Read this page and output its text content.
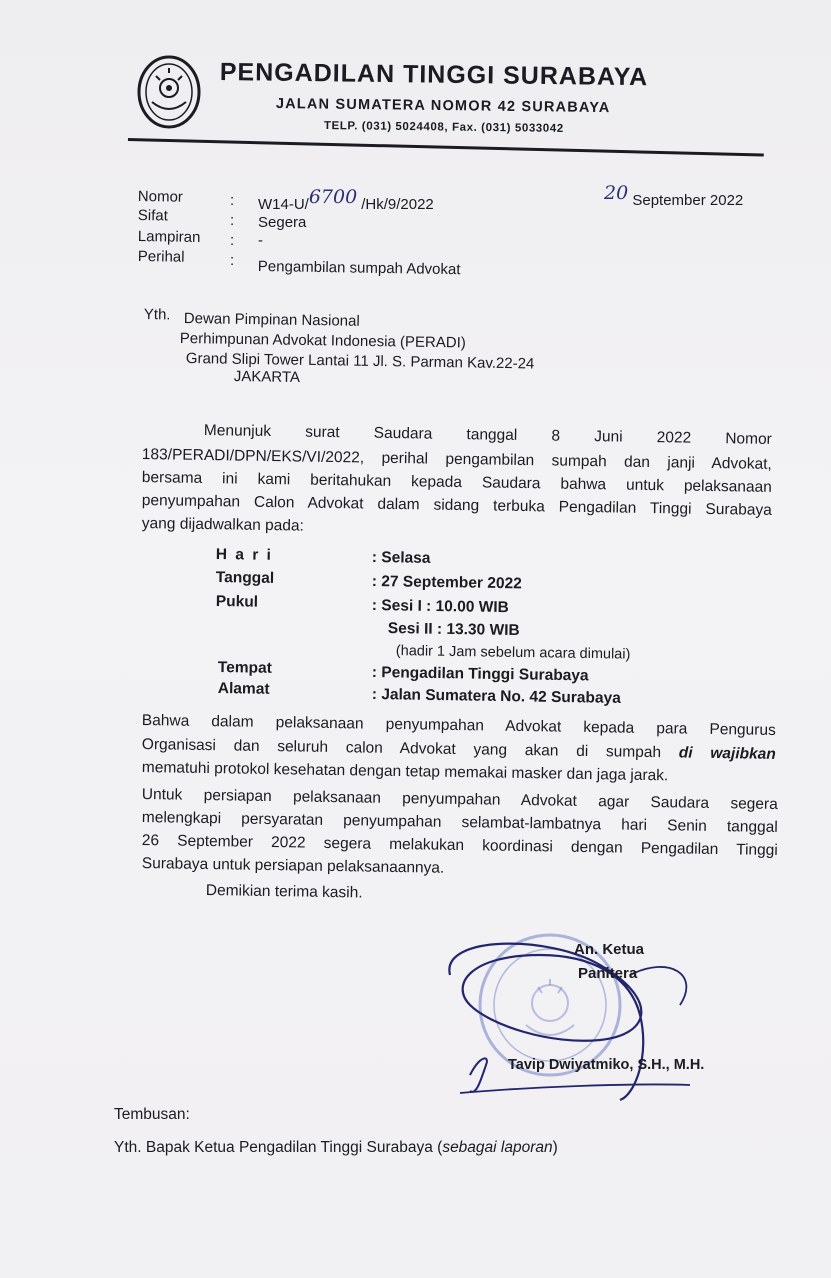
PENGADILAN TINGGI SURABAYA
JALAN SUMATERA NOMOR 42 SURABAYA
TELP. (031) 5024408, Fax. (031) 5033042
Nomor	: W14-U/6700 /Hk/9/2022
Sifat	: Segera
Lampiran : -
Perihal	: Pengambilan sumpah Advokat
20 September 2022
Yth. Dewan Pimpinan Nasional
Perhimpunan Advokat Indonesia (PERADI)
Grand Slipi Tower Lantai 11 Jl. S. Parman Kav.22-24
JAKARTA
Menunjuk surat Saudara tanggal 8 Juni 2022 Nomor
183/PERADI/DPN/EKS/VI/2022, perihal pengambilan sumpah dan janji Advokat,
bersama ini kami beritahukan kepada Saudara bahwa untuk pelaksanaan
penyumpahan Calon Advokat dalam sidang terbuka Pengadilan Tinggi Surabaya
yang dijadwalkan pada:
H a r i	: Selasa
Tanggal	: 27 September 2022
Pukul	: Sesi I : 10.00 WIB
Sesi II : 13.30 WIB
(hadir 1 Jam sebelum acara dimulai)
Tempat	: Pengadilan Tinggi Surabaya
Alamat	: Jalan Sumatera No. 42 Surabaya
Bahwa dalam pelaksanaan penyumpahan Advokat kepada para Pengurus
Organisasi dan seluruh calon Advokat yang akan di sumpah di wajibkan
mematuhi protokol kesehatan dengan tetap memakai masker dan jaga jarak.
Untuk persiapan pelaksanaan penyumpahan Advokat agar Saudara segera
melengkapi persyaratan penyumpahan selambat-lambatnya hari Senin tanggal
26 September 2022 segera melakukan koordinasi dengan Pengadilan Tinggi
Surabaya untuk persiapan pelaksanaannya.
Demikian terima kasih.
An. Ketua
Panitera
Tavip Dwiyatmiko, S.H., M.H.
Tembusan:
Yth. Bapak Ketua Pengadilan Tinggi Surabaya (sebagai laporan)
